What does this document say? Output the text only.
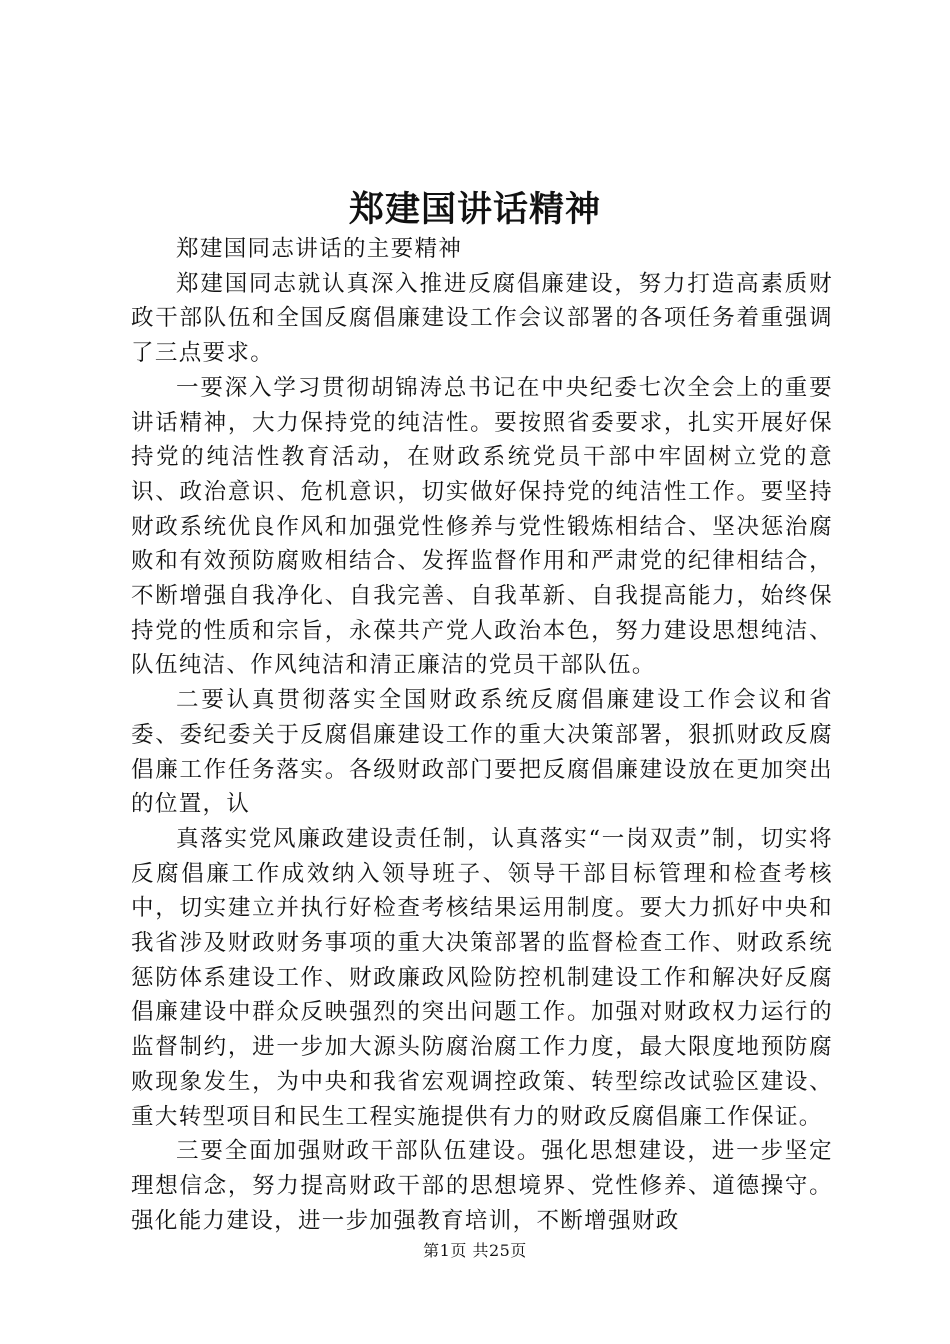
郑建国讲话精神

郑建国同志讲话的主要精神

郑建国同志就认真深入推进反腐倡廉建设，努力打造高素质财政干部队伍和全国反腐倡廉建设工作会议部署的各项任务着重强调了三点要求。

一要深入学习贯彻胡锦涛总书记在中央纪委七次全会上的重要讲话精神，大力保持党的纯洁性。要按照省委要求，扎实开展好保持党的纯洁性教育活动，在财政系统党员干部中牢固树立党的意识、政治意识、危机意识，切实做好保持党的纯洁性工作。要坚持财政系统优良作风和加强党性修养与党性锻炼相结合、坚决惩治腐败和有效预防腐败相结合、发挥监督作用和严肃党的纪律相结合，不断增强自我净化、自我完善、自我革新、自我提高能力，始终保持党的性质和宗旨，永葆共产党人政治本色，努力建设思想纯洁、队伍纯洁、作风纯洁和清正廉洁的党员干部队伍。

二要认真贯彻落实全国财政系统反腐倡廉建设工作会议和省委、委纪委关于反腐倡廉建设工作的重大决策部署，狠抓财政反腐倡廉工作任务落实。各级财政部门要把反腐倡廉建设放在更加突出的位置，认

真落实党风廉政建设责任制，认真落实“一岗双责”制，切实将反腐倡廉工作成效纳入领导班子、领导干部目标管理和检查考核中，切实建立并执行好检查考核结果运用制度。要大力抓好中央和我省涉及财政财务事项的重大决策部署的监督检查工作、财政系统惩防体系建设工作、财政廉政风险防控机制建设工作和解决好反腐倡廉建设中群众反映强烈的突出问题工作。加强对财政权力运行的监督制约，进一步加大源头防腐治腐工作力度，最大限度地预防腐败现象发生，为中央和我省宏观调控政策、转型综改试验区建设、重大转型项目和民生工程实施提供有力的财政反腐倡廉工作保证。

三要全面加强财政干部队伍建设。强化思想建设，进一步坚定理想信念，努力提高财政干部的思想境界、党性修养、道德操守。强化能力建设，进一步加强教育培训，不断增强财政

第1页 共25页
